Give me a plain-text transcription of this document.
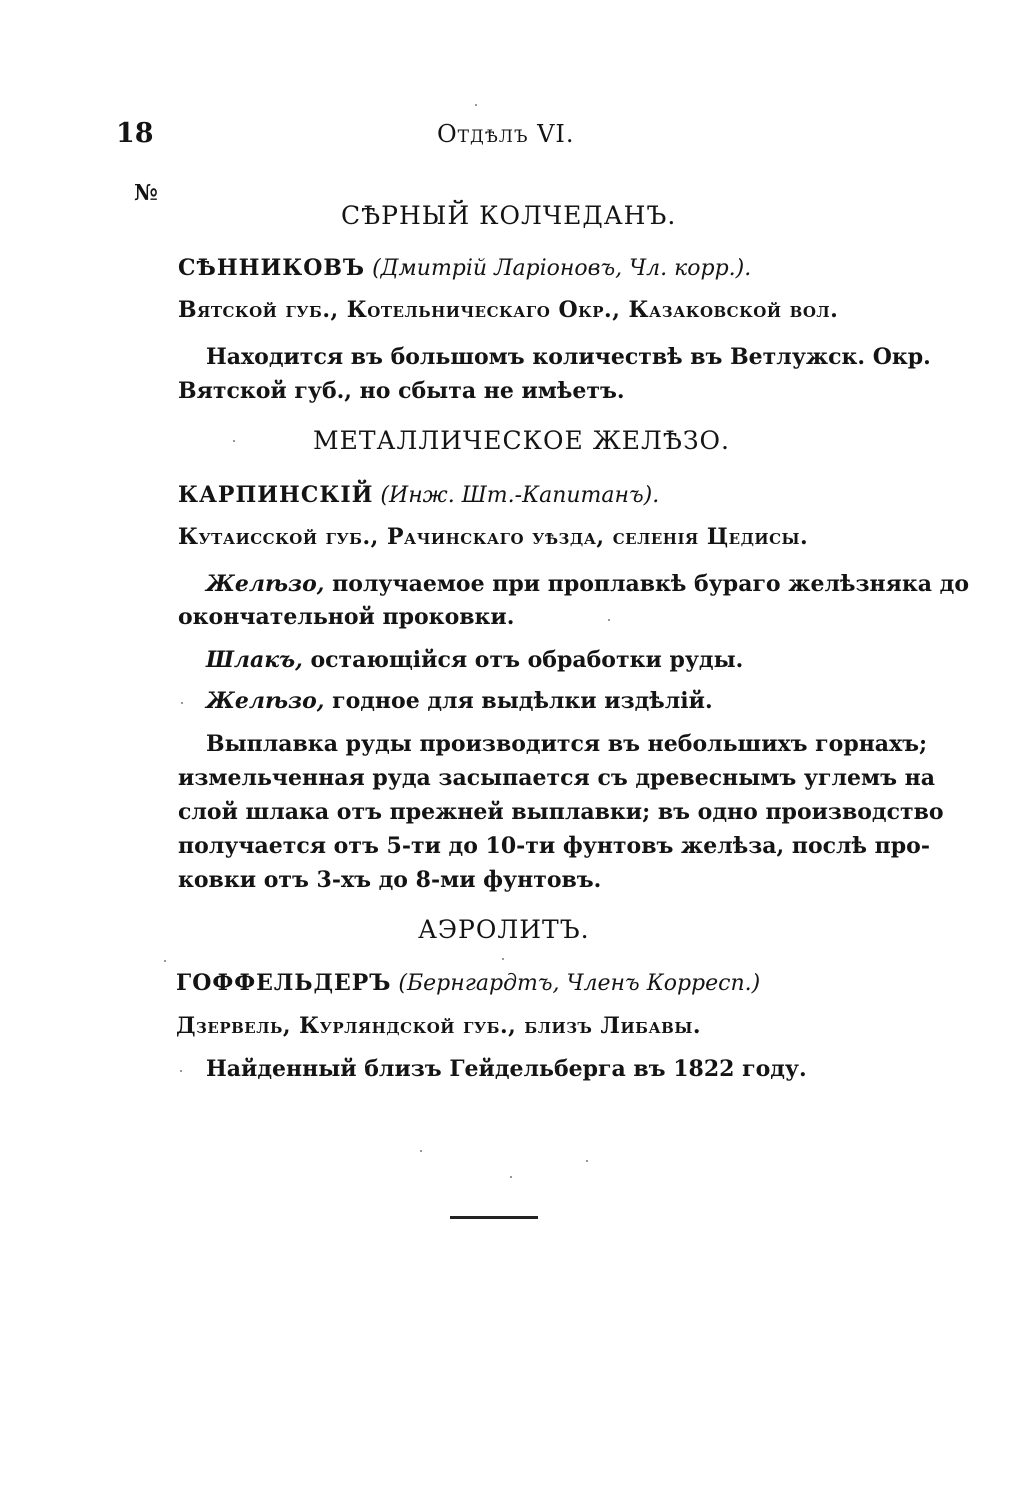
18	Отдѣлъ VI.
№
СѢРНЫЙ КОЛЧЕДАНЪ.
СѢННИКОВЪ (Дмитрій Ларіоновъ, Чл. корр.).
Вятской губ., Котельническаго Окр., Казаковской вол.
Находится въ большомъ количествѣ въ Ветлужск. Окр.
Вятской губ., но сбыта не имѣетъ.
МЕТАЛЛИЧЕСКОЕ ЖЕЛѢЗО.
КАРПИНСКІЙ (Инж. Шт.-Капитанъ).
Кутаисской губ., Рачинскаго уѣзда, селенія Цедисы.
Желѣзо, получаемое при проплавкѣ бураго желѣзняка до
окончательной проковки.
Шлакъ, остающійся отъ обработки руды.
Желѣзо, годное для выдѣлки издѣлій.
Выплавка руды производится въ небольшихъ горнахъ;
измельченная руда засыпается съ древеснымъ углемъ на
слой шлака отъ прежней выплавки; въ одно производство
получается отъ 5-ти до 10-ти фунтовъ желѣза, послѣ про-
ковки отъ 3-хъ до 8-ми фунтовъ.
АЭРОЛИТЪ.
ГОФФЕЛЬДЕРЪ (Бернгардтъ, Членъ Корресп.)
Дзервель, Курляндской губ., близъ Либавы.
Найденный близъ Гейдельберга въ 1822 году.
